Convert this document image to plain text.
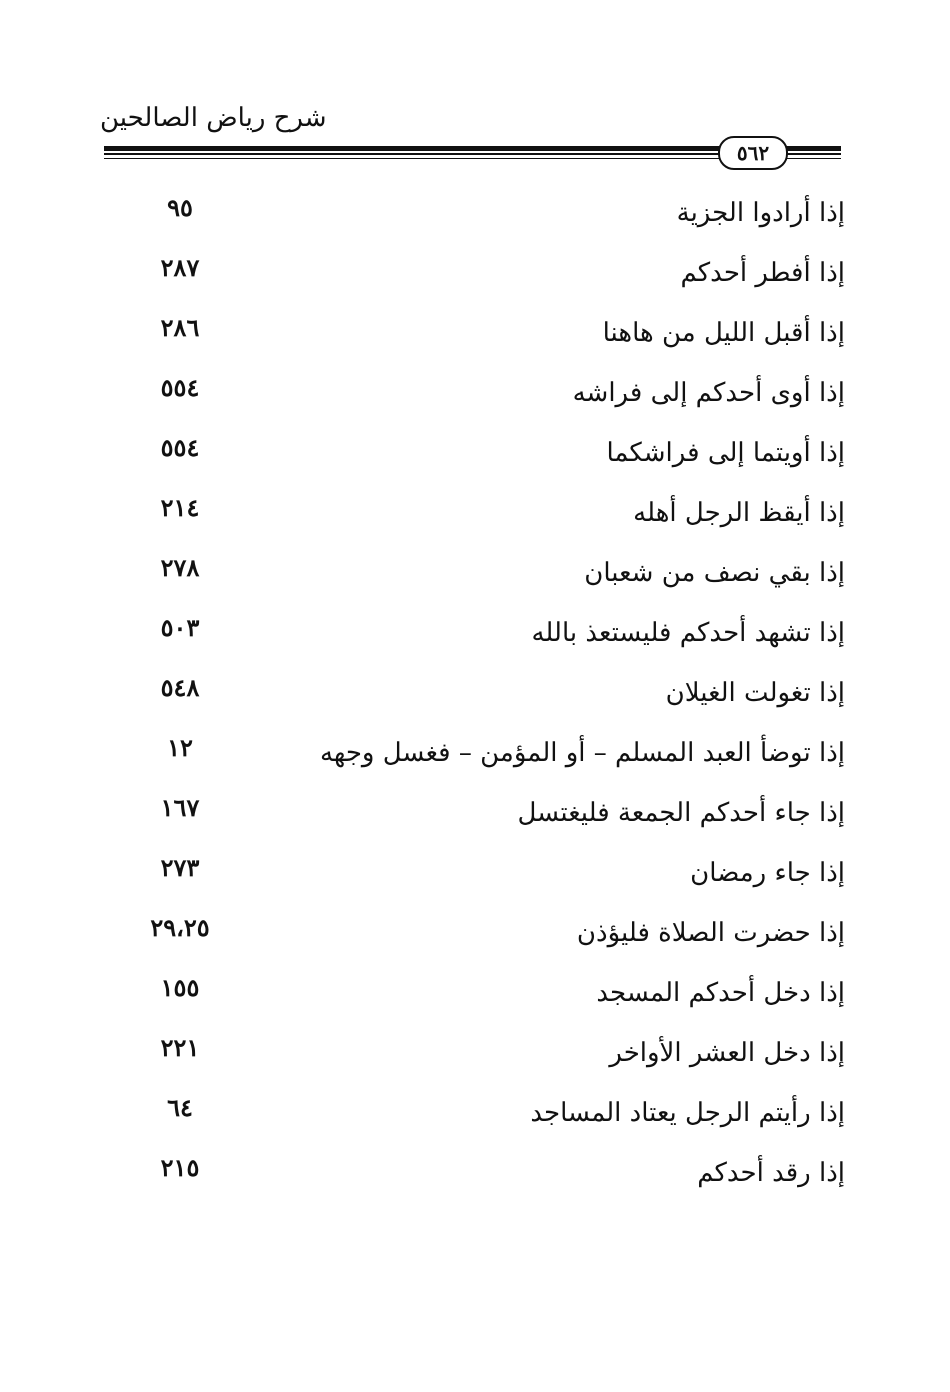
شرح رياض الصالحين
٥٦٢
إذا أرادوا الجزية
٩٥
إذا أفطر أحدكم
٢٨٧
إذا أقبل الليل من هاهنا
٢٨٦
إذا أوى أحدكم إلى فراشه
٥٥٤
إذا أويتما إلى فراشكما
٥٥٤
إذا أيقظ الرجل أهله
٢١٤
إذا بقي نصف من شعبان
٢٧٨
إذا تشهد أحدكم فليستعذ بالله
٥٠٣
إذا تغولت الغيلان
٥٤٨
إذا توضأ العبد المسلم – أو المؤمن – فغسل وجهه
١٢
إذا جاء أحدكم الجمعة فليغتسل
١٦٧
إذا جاء رمضان
٢٧٣
إذا حضرت الصلاة فليؤذن
٢٩،٢٥
إذا دخل أحدكم المسجد
١٥٥
إذا دخل العشر الأواخر
٢٢١
إذا رأيتم الرجل يعتاد المساجد
٦٤
إذا رقد أحدكم
٢١٥
